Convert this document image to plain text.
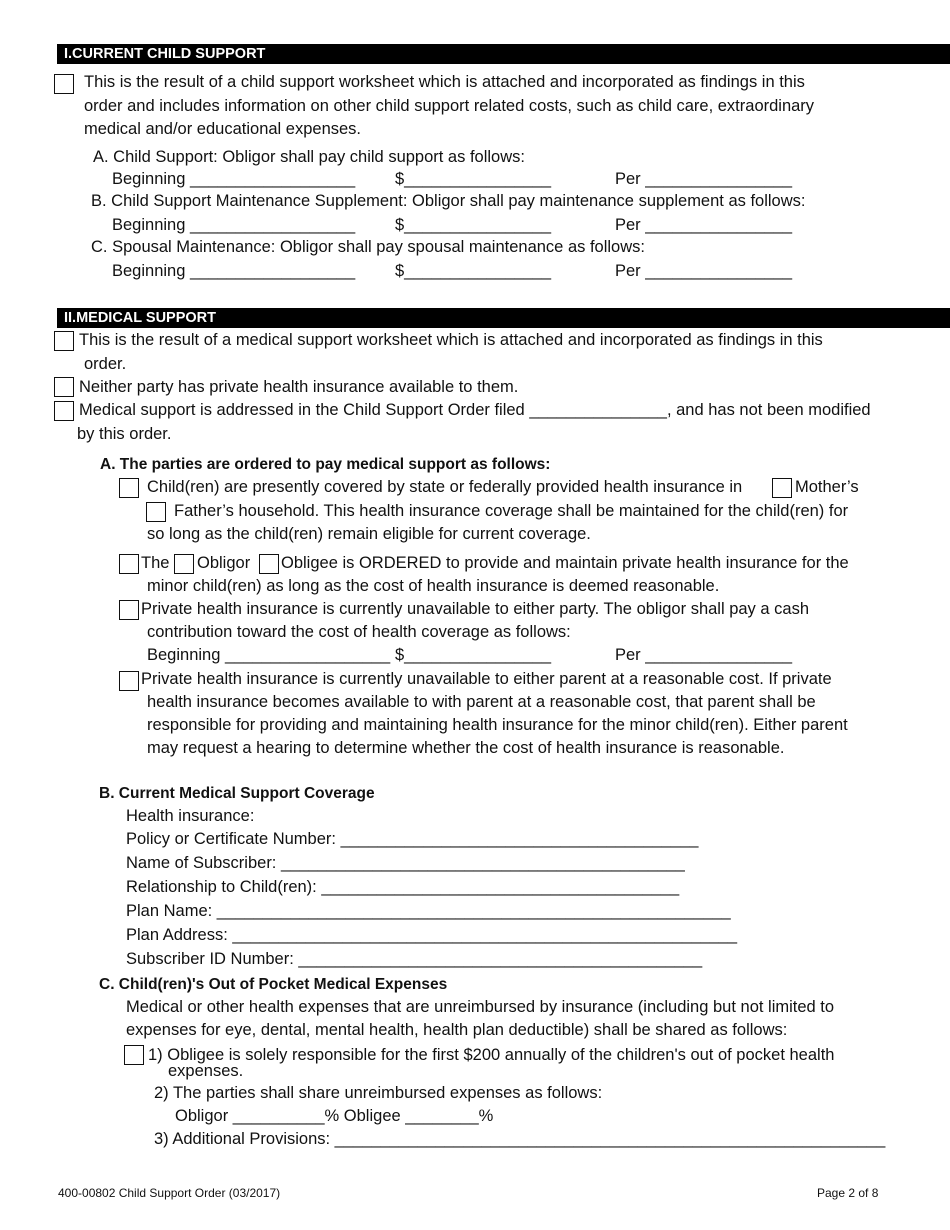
I.CURRENT CHILD SUPPORT
This is the result of a child support worksheet which is attached and incorporated as findings in this
order and includes information on other child support related costs, such as child care, extraordinary
medical and/or educational expenses.
A. Child Support: Obligor shall pay child support as follows:
Beginning __________________ $________________	Per ________________
B. Child Support Maintenance Supplement: Obligor shall pay maintenance supplement as follows:
Beginning __________________ $________________	Per ________________
C. Spousal Maintenance: Obligor shall pay spousal maintenance as follows:
Beginning __________________ $________________	Per ________________
II.MEDICAL SUPPORT
This is the result of a medical support worksheet which is attached and incorporated as findings in this
order.
Neither party has private health insurance available to them.
Medical support is addressed in the Child Support Order filed _______________, and has not been modified
by this order.
A. The parties are ordered to pay medical support as follows:
Child(ren) are presently covered by state or federally provided health insurance in	Mother’s
Father’s household. This health insurance coverage shall be maintained for the child(ren) for
so long as the child(ren) remain eligible for current coverage.
The Obligor Obligee is ORDERED to provide and maintain private health insurance for the
minor child(ren) as long as the cost of health insurance is deemed reasonable.
Private health insurance is currently unavailable to either party. The obligor shall pay a cash
contribution toward the cost of health coverage as follows:
Beginning __________________ $________________	Per ________________
Private health insurance is currently unavailable to either parent at a reasonable cost. If private
health insurance becomes available to with parent at a reasonable cost, that parent shall be
responsible for providing and maintaining health insurance for the minor child(ren). Either parent
may request a hearing to determine whether the cost of health insurance is reasonable.
B. Current Medical Support Coverage
Health insurance:
Policy or Certificate Number: _______________________________________
Name of Subscriber: ____________________________________________
Relationship to Child(ren): _______________________________________
Plan Name: ________________________________________________________
Plan Address: _______________________________________________________
Subscriber ID Number: ____________________________________________
C. Child(ren)'s Out of Pocket Medical Expenses
Medical or other health expenses that are unreimbursed by insurance (including but not limited to
expenses for eye, dental, mental health, health plan deductible) shall be shared as follows:
1) Obligee is solely responsible for the first $200 annually of the children's out of pocket health
expenses.
2) The parties shall share unreimbursed expenses as follows:
Obligor __________% Obligee ________%
3) Additional Provisions: ____________________________________________________________
400-00802 Child Support Order (03/2017)	Page 2 of 8
